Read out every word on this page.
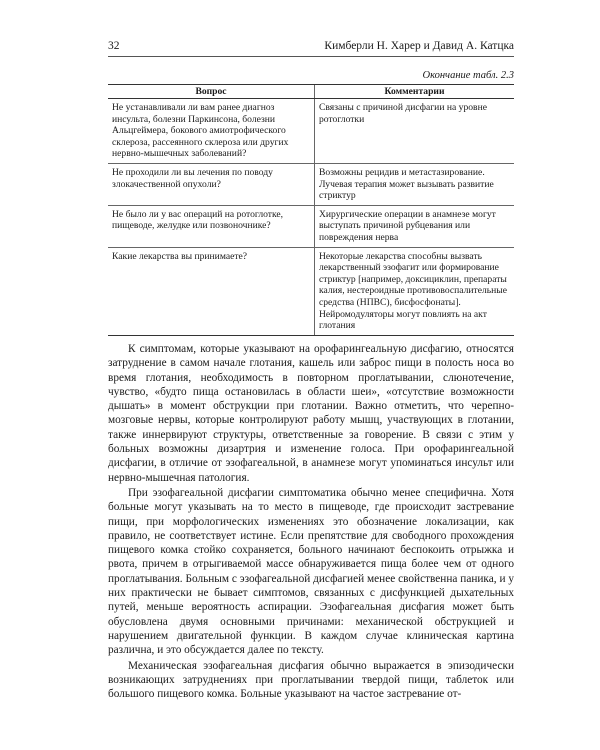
32	Кимберли Н. Харер и Давид А. Катцка
Окончание табл. 2.3
Вопрос	Комментарии
Не устанавливали ли вам ранее диагноз инсульта, болезни Паркинсона, болезни Альцгеймера, бокового амиотрофического склероза, рассеянного склероза или других нервно-мышечных заболеваний?	Связаны с причиной дисфагии на уровне ротоглотки
Не проходили ли вы лечения по поводу злокачественной опухоли?	Возможны рецидив и метастазирование. Лучевая терапия может вызывать развитие стриктур
Не было ли у вас операций на ротоглотке, пищеводе, желудке или позвоночнике?	Хирургические операции в анамнезе могут выступать причиной рубцевания или повреждения нерва
Какие лекарства вы принимаете?	Некоторые лекарства способны вызвать лекарственный эзофагит или формирование стриктур [например, доксициклин, препараты калия, нестероидные противовоспалительные средства (НПВС), бисфосфонаты]. Нейромодуляторы могут повлиять на акт глотания

К симптомам, которые указывают на орофарингеальную дисфагию, относятся затруднение в самом начале глотания, кашель или заброс пищи в полость носа во время глотания, необходимость в повторном проглатывании, слюнотечение, чувство, «будто пища остановилась в области шеи», «отсутствие возможности дышать» в момент обструкции при глотании. Важно отметить, что черепно-мозговые нервы, которые контролируют работу мышц, участвующих в глотании, также иннервируют структуры, ответственные за говорение. В связи с этим у больных возможны дизартрия и изменение голоса. При орофарингеальной дисфагии, в отличие от эзофагеальной, в анамнезе могут упоминаться инсульт или нервно-мышечная патология.

При эзофагеальной дисфагии симптоматика обычно менее специфична. Хотя больные могут указывать на то место в пищеводе, где происходит застревание пищи, при морфологических изменениях это обозначение локализации, как правило, не соответствует истине. Если препятствие для свободного прохождения пищевого комка стойко сохраняется, больного начинают беспокоить отрыжка и рвота, причем в отрыгиваемой массе обнаруживается пища более чем от одного проглатывания. Больным с эзофагеальной дисфагией менее свойственна паника, и у них практически не бывает симптомов, связанных с дисфункцией дыхательных путей, меньше вероятность аспирации. Эзофагеальная дисфагия может быть обусловлена двумя основными причинами: механической обструкцией и нарушением двигательной функции. В каждом случае клиническая картина различна, и это обсуждается далее по тексту.

Механическая эзофагеальная дисфагия обычно выражается в эпизодически возникающих затруднениях при проглатывании твердой пищи, таблеток или большого пищевого комка. Больные указывают на частое застревание от-
